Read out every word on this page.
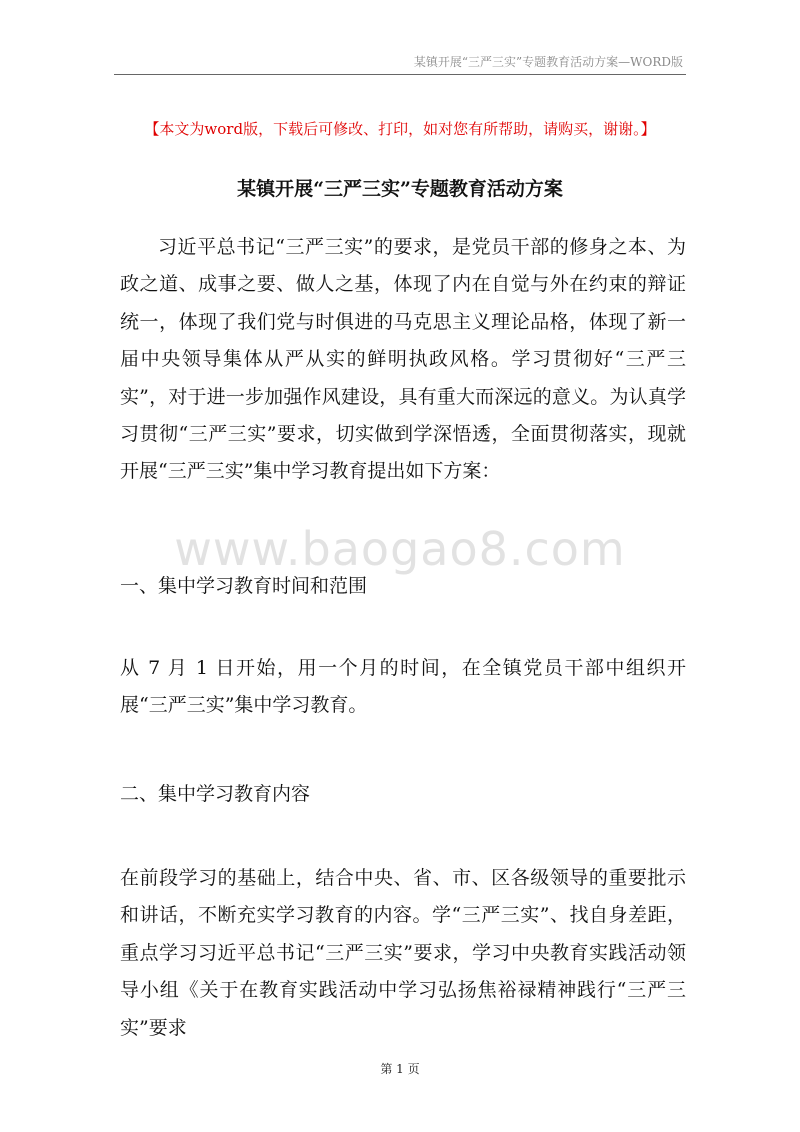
某镇开展“三严三实”专题教育活动方案—WORD版
【本文为word版，下载后可修改、打印，如对您有所帮助，请购买，谢谢。】
某镇开展“三严三实”专题教育活动方案

习近平总书记“三严三实”的要求，是党员干部的修身之本、为政之道、成事之要、做人之基，体现了内在自觉与外在约束的辩证统一，体现了我们党与时俱进的马克思主义理论品格，体现了新一届中央领导集体从严从实的鲜明执政风格。学习贯彻好“三严三实”，对于进一步加强作风建设，具有重大而深远的意义。为认真学习贯彻“三严三实”要求，切实做到学深悟透，全面贯彻落实，现就开展“三严三实”集中学习教育提出如下方案：

www.baogao8.com

一、集中学习教育时间和范围

从 7 月 1 日开始，用一个月的时间，在全镇党员干部中组织开展“三严三实”集中学习教育。

二、集中学习教育内容

在前段学习的基础上，结合中央、省、市、区各级领导的重要批示和讲话，不断充实学习教育的内容。学“三严三实”、找自身差距，重点学习习近平总书记“三严三实”要求，学习中央教育实践活动领导小组《关于在教育实践活动中学习弘扬焦裕禄精神践行“三严三实”要求

第 1 页
